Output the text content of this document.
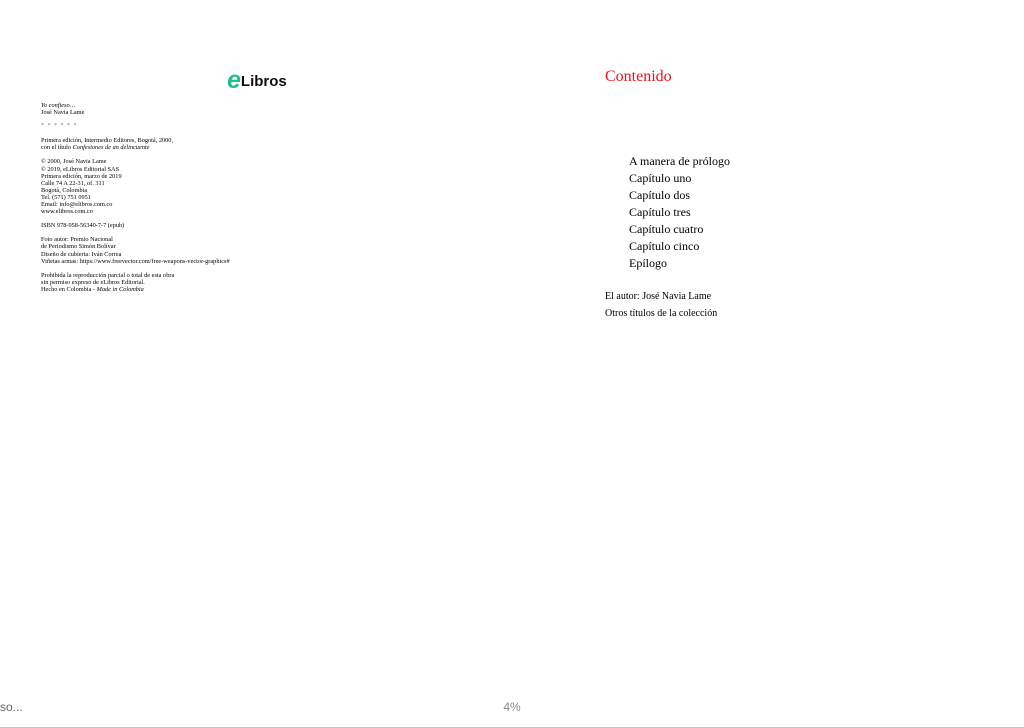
e Libros
Yo confieso…
José Navia Lame
* * * * * *
Primera edición, Intermedio Editores, Bogotá, 2000,
con el título Confesiones de un delincuente
© 2000, José Navia Lame
© 2019, eLibros Editorial SAS
Primera edición, marzo de 2019
Calle 74 A 22-31, of. 311
Bogotá, Colombia
Tel. (571) 751 0951
Email: info@elibros.com.co
www.elibros.com.co
ISBN 978-958-56340-7-7 (epub)
Foto autor: Premio Nacional
de Periodismo Simón Bolívar
Diseño de cubierta: Iván Correa
Viñetas armas: https://www.freevector.com/free-weapons-vector-graphics#
Prohibida la reproducción parcial o total de esta obra
sin permiso expreso de eLibros Editorial.
Hecho en Colombia - Made in Colombia
Contenido
A manera de prólogo
Capítulo uno
Capítulo dos
Capítulo tres
Capítulo cuatro
Capítulo cinco
Epílogo
El autor: José Navia Lame
Otros títulos de la colección
so...	4%
